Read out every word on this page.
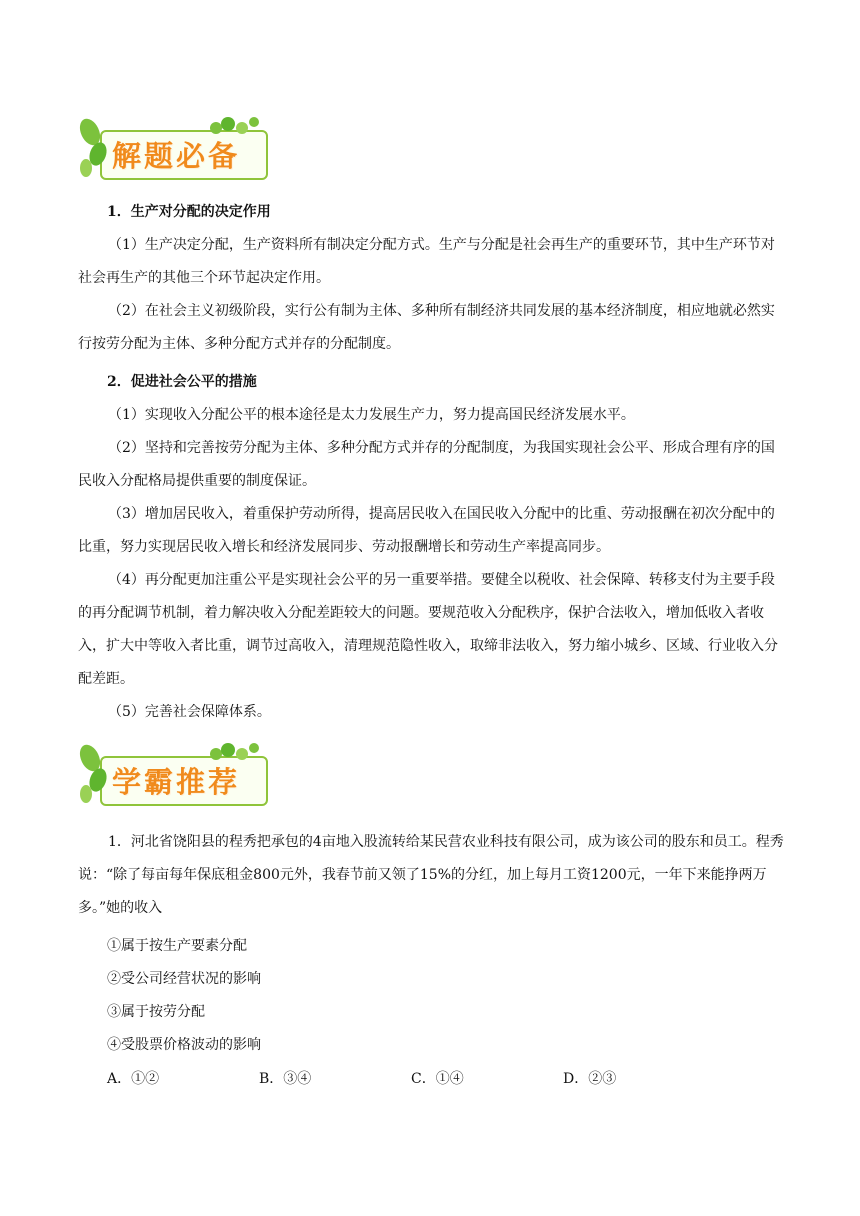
解题必备
1．生产对分配的决定作用
（1）生产决定分配，生产资料所有制决定分配方式。生产与分配是社会再生产的重要环节，其中生产环节对社会再生产的其他三个环节起决定作用。
（2）在社会主义初级阶段，实行公有制为主体、多种所有制经济共同发展的基本经济制度，相应地就必然实行按劳分配为主体、多种分配方式并存的分配制度。
2．促进社会公平的措施
（1）实现收入分配公平的根本途径是太力发展生产力，努力提高国民经济发展水平。
（2）坚持和完善按劳分配为主体、多种分配方式并存的分配制度，为我国实现社会公平、形成合理有序的国民收入分配格局提供重要的制度保证。
（3）增加居民收入，着重保护劳动所得，提高居民收入在国民收入分配中的比重、劳动报酬在初次分配中的比重，努力实现居民收入增长和经济发展同步、劳动报酬增长和劳动生产率提高同步。
（4）再分配更加注重公平是实现社会公平的另一重要举措。要健全以税收、社会保障、转移支付为主要手段的再分配调节机制，着力解决收入分配差距较大的问题。要规范收入分配秩序，保护合法收入，增加低收入者收入，扩大中等收入者比重，调节过高收入，清理规范隐性收入，取缔非法收入，努力缩小城乡、区域、行业收入分配差距。
（5）完善社会保障体系。
学霸推荐
1．河北省饶阳县的程秀把承包的4亩地入股流转给某民营农业科技有限公司，成为该公司的股东和员工。程秀说：“除了每亩每年保底租金800元外，我春节前又领了15%的分红，加上每月工资1200元，一年下来能挣两万多。”她的收入
①属于按生产要素分配
②受公司经营状况的影响
③属于按劳分配
④受股票价格波动的影响
A．①②	B．③④	C．①④	D．②③
